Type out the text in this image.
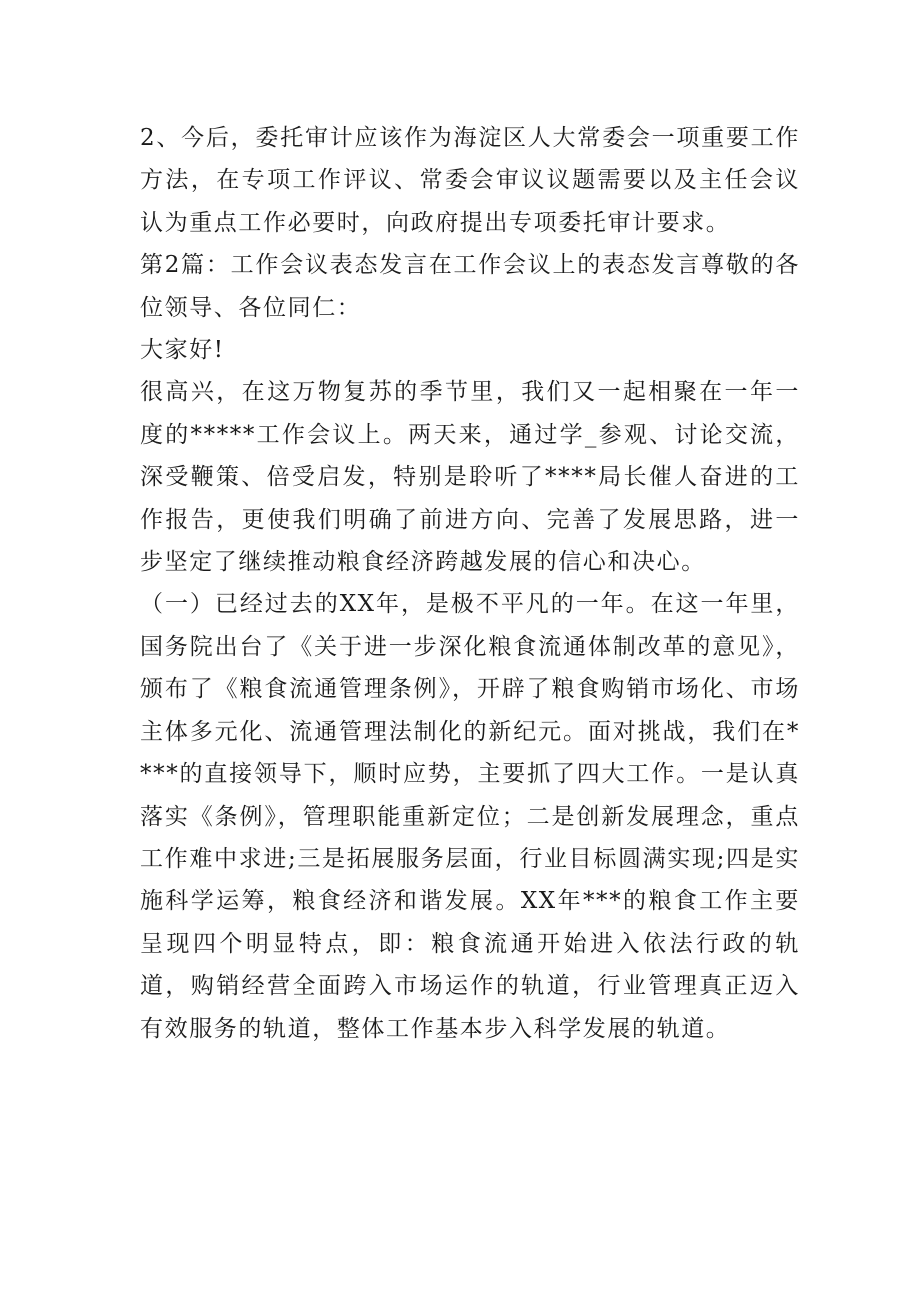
2、今后，委托审计应该作为海淀区人大常委会一项重要工作方法，在专项工作评议、常委会审议议题需要以及主任会议认为重点工作必要时，向政府提出专项委托审计要求。

第2篇：工作会议表态发言在工作会议上的表态发言尊敬的各位领导、各位同仁：

大家好!

很高兴，在这万物复苏的季节里，我们又一起相聚在一年一度的*****工作会议上。两天来，通过学_参观、讨论交流，深受鞭策、倍受启发，特别是聆听了****局长催人奋进的工作报告，更使我们明确了前进方向、完善了发展思路，进一步坚定了继续推动粮食经济跨越发展的信心和决心。

（一）已经过去的XX年，是极不平凡的一年。在这一年里，国务院出台了《关于进一步深化粮食流通体制改革的意见》，颁布了《粮食流通管理条例》，开辟了粮食购销市场化、市场主体多元化、流通管理法制化的新纪元。面对挑战，我们在****的直接领导下，顺时应势，主要抓了四大工作。一是认真落实《条例》，管理职能重新定位；二是创新发展理念，重点工作难中求进;三是拓展服务层面，行业目标圆满实现;四是实施科学运筹，粮食经济和谐发展。XX年***的粮食工作主要呈现四个明显特点，即：粮食流通开始进入依法行政的轨道，购销经营全面跨入市场运作的轨道，行业管理真正迈入有效服务的轨道，整体工作基本步入科学发展的轨道。
